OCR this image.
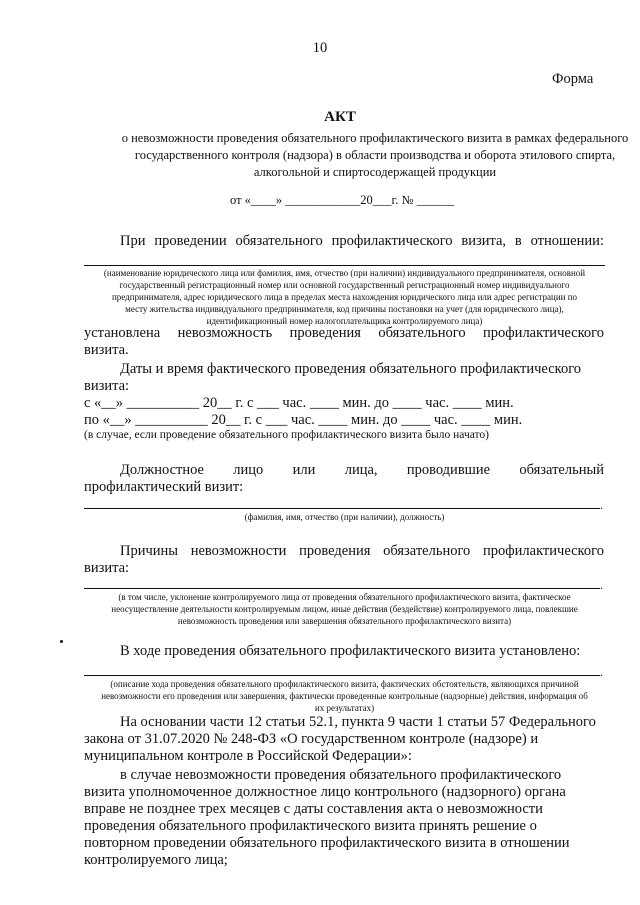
10
Форма
АКТ
о невозможности проведения обязательного профилактического визита в рамках федерального
государственного контроля (надзора) в области производства и оборота этилового спирта,
алкогольной и спиртосодержащей продукции
от «____» ____________20___г. № ______
При проведении обязательного профилактического визита, в отношении:
(наименование юридического лица или фамилия, имя, отчество (при наличии) индивидуального предпринимателя, основной
государственный регистрационный номер или основной государственный регистрационный номер индивидуального
предпринимателя, адрес юридического лица в пределах места нахождения юридического лица или адрес регистрации по
месту жительства индивидуального предпринимателя, код причины постановки на учет (для юридического лица),
идентификационный номер налогоплательщика контролируемого лица)
установлена невозможность проведения обязательного профилактического
визита.
Даты и время фактического проведения обязательного профилактического
визита:
с «__» __________ 20__ г. с ___ час. ____ мин. до ____ час. ____ мин.
по «__» __________ 20__ г. с ___ час. ____ мин. до ____ час. ____ мин.
(в случае, если проведение обязательного профилактического визита было начато)
Должностное лицо или лица, проводившие обязательный
профилактический визит:
.
(фамилия, имя, отчество (при наличии), должность)
Причины невозможности проведения обязательного профилактического
визита:
.
(в том числе, уклонение контролируемого лица от проведения обязательного профилактического визита, фактическое
неосуществление деятельности контролируемым лицом, иные действия (бездействие) контролируемого лица, повлекшие
невозможность проведения или завершения обязательного профилактического визита)
В ходе проведения обязательного профилактического визита установлено:
.
(описание хода проведения обязательного профилактического визита, фактических обстоятельств, являющихся причиной
невозможности его проведения или завершения, фактически проведенные контрольные (надзорные) действия, информация об
их результатах)
На основании части 12 статьи 52.1, пункта 9 части 1 статьи 57 Федерального
закона от 31.07.2020 № 248-ФЗ «О государственном контроле (надзоре) и
муниципальном контроле в Российской Федерации»:
в случае невозможности проведения обязательного профилактического
визита уполномоченное должностное лицо контрольного (надзорного) органа
вправе не позднее трех месяцев с даты составления акта о невозможности
проведения обязательного профилактического визита принять решение о
повторном проведении обязательного профилактического визита в отношении
контролируемого лица;
